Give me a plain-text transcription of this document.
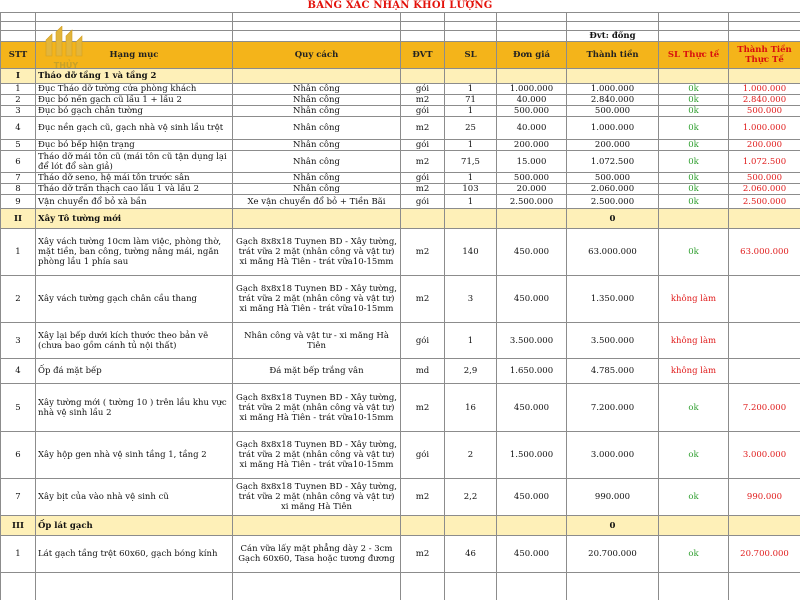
BẢNG XÁC NHẬN KHỐI LƯỢNG
THỦY

						Đvt: đồng		
STT	Hạng mục	Quy cách	ĐVT	SL	Đơn giá	Thành tiền	SL Thực tế	Thành Tiền
Thực Tế
I	Tháo dỡ tầng 1 và tầng 2							
1	Đục Tháo dỡ tường cửa phòng khách	Nhân công	gói	1	1.000.000	1.000.000	0k	1.000.000
2	Đục bỏ nền gạch cũ lầu 1 + lầu 2	Nhân công	m2	71	40.000	2.840.000	0k	2.840.000
3	Đục bỏ gạch chân tường	Nhân công	gói	1	500.000	500.000	0k	500.000
4	Đục nền gạch cũ, gạch nhà vệ sinh lầu trệt	Nhân công	m2	25	40.000	1.000.000	0k	1.000.000
5	Đục bỏ bếp hiện trạng	Nhân công	gói	1	200.000	200.000	0k	200.000
6	Tháo dỡ mái tôn cũ (mái tôn cũ tận dụng lại để lót đổ sàn giả)	Nhân công	m2	71,5	15.000	1.072.500	0k	1.072.500
7	Tháo dỡ seno, hệ mái tôn trước sân	Nhân công	gói	1	500.000	500.000	0k	500.000
8	Tháo dỡ trần thạch cao lầu 1 và lầu 2	Nhân công	m2	103	20.000	2.060.000	0k	2.060.000
9	Vận chuyển đổ bỏ xà bần	Xe vận chuyển đổ bỏ + Tiền Bãi	gói	1	2.500.000	2.500.000	0k	2.500.000
II	Xây Tô tường mới					0		
1	Xây vách tường 10cm làm việc, phòng thờ, mặt tiền, ban công, tường nâng mái, ngăn phòng lầu 1 phía sau	Gạch 8x8x18 Tuynen BD - Xây tường, trát vữa 2 mặt (nhân công và vật tư) xi măng Hà Tiên - trát vữa10-15mm	m2	140	450.000	63.000.000	0k	63.000.000
2	Xây vách tường gạch chân cầu thang	Gạch 8x8x18 Tuynen BD - Xây tường, trát vữa 2 mặt (nhân công và vật tư) xi măng Hà Tiên - trát vữa10-15mm	m2	3	450.000	1.350.000	không làm	
3	Xây lại bếp dưới kích thước theo bản vẽ (chưa bao gồm cánh tủ nội thất)	Nhân công và vật tư - xi măng Hà Tiên	gói	1	3.500.000	3.500.000	không làm	
4	Ốp đá mặt bếp	Đá mặt bếp trắng vân	md	2,9	1.650.000	4.785.000	không làm	
5	Xây tường mới ( tường 10 ) trên lầu khu vực nhà vệ sinh lầu 2	Gạch 8x8x18 Tuynen BD - Xây tường, trát vữa 2 mặt (nhân công và vật tư) xi măng Hà Tiên - trát vữa10-15mm	m2	16	450.000	7.200.000	ok	7.200.000
6	Xây hộp gen nhà vệ sinh tầng 1, tầng 2	Gạch 8x8x18 Tuynen BD - Xây tường, trát vữa 2 mặt (nhân công và vật tư) xi măng Hà Tiên - trát vữa10-15mm	gói	2	1.500.000	3.000.000	ok	3.000.000
7	Xây bịt của vào nhà vệ sinh cũ	Gạch 8x8x18 Tuynen BD - Xây tường, trát vữa 2 mặt (nhân công và vật tư) xi măng Hà Tiên	m2	2,2	450.000	990.000	ok	990.000
III	Ốp lát gạch					0		
1	Lát gạch tầng trệt 60x60, gạch bóng kính	Cán vữa lấy mặt phẳng dày 2 - 3cm Gạch 60x60, Tasa hoặc tương đương	m2	46	450.000	20.700.000	ok	20.700.000
